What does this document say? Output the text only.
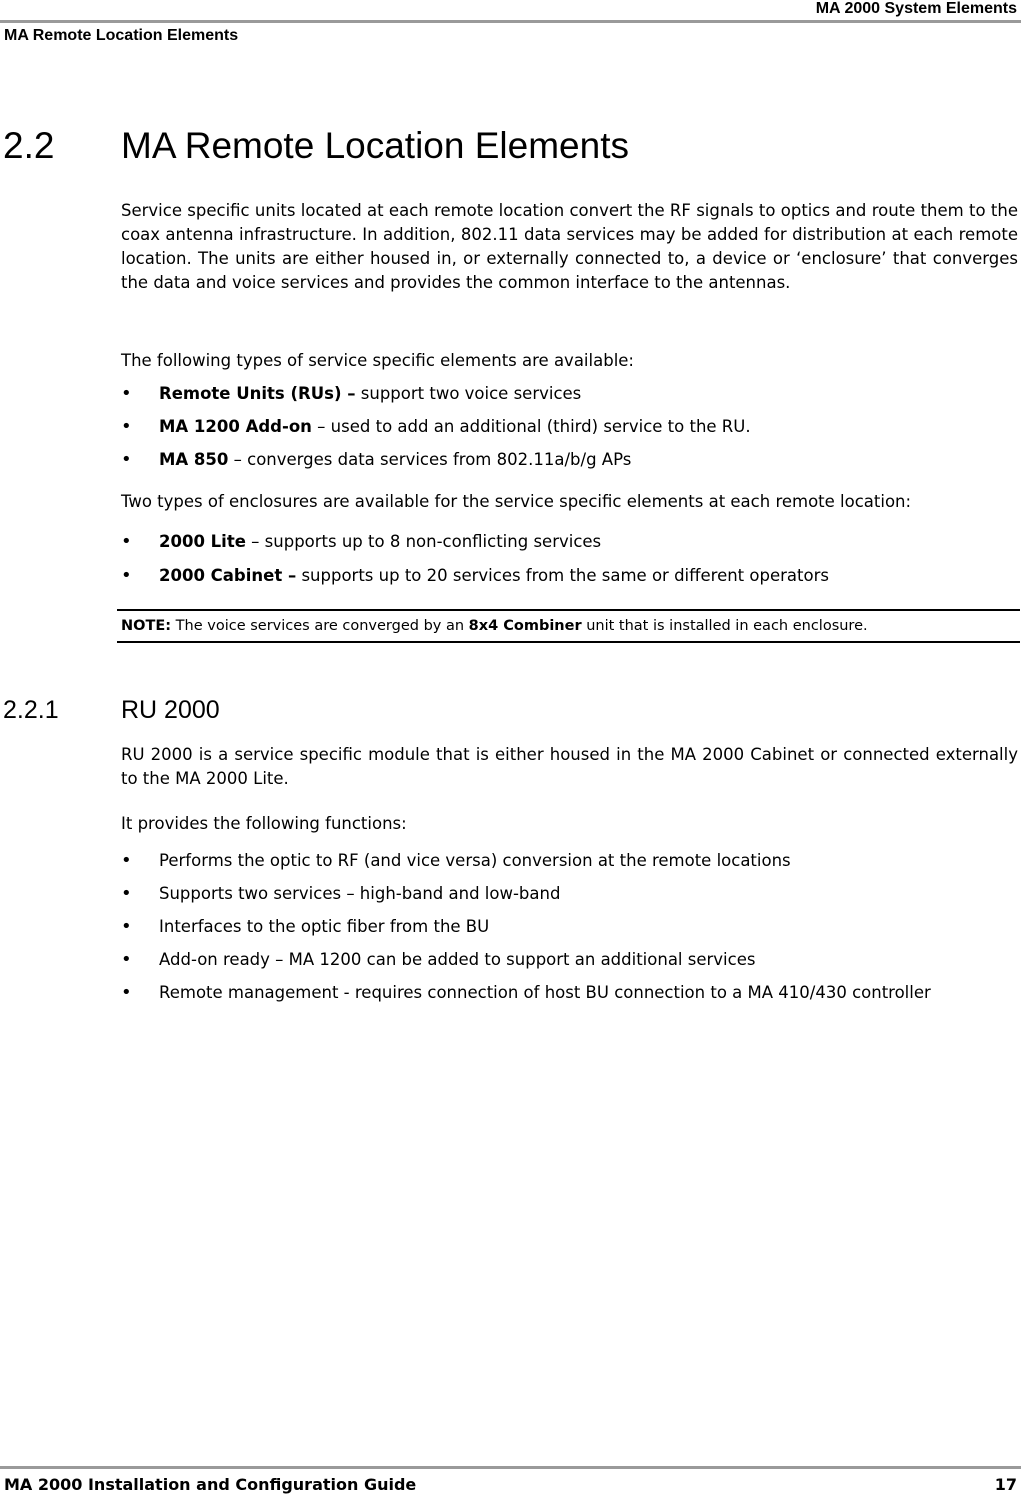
MA 2000 System Elements
MA Remote Location Elements
2.2 MA Remote Location Elements

Service specific units located at each remote location convert the RF signals to optics and route them to the coax antenna infrastructure. In addition, 802.11 data services may be added for distribution at each remote location. The units are either housed in, or externally connected to, a device or ‘enclosure’ that converges the data and voice services and provides the common interface to the antennas.

The following types of service specific elements are available:

• Remote Units (RUs) – support two voice services
• MA 1200 Add-on – used to add an additional (third) service to the RU.
• MA 850 – converges data services from 802.11a/b/g APs

Two types of enclosures are available for the service specific elements at each remote location:

• 2000 Lite – supports up to 8 non-conflicting services
• 2000 Cabinet – supports up to 20 services from the same or different operators
NOTE: The voice services are converged by an 8x4 Combiner unit that is installed in each enclosure.
2.2.1 RU 2000

RU 2000 is a service specific module that is either housed in the MA 2000 Cabinet or connected externally to the MA 2000 Lite.

It provides the following functions:

• Performs the optic to RF (and vice versa) conversion at the remote locations
• Supports two services – high-band and low-band
• Interfaces to the optic fiber from the BU
• Add-on ready – MA 1200 can be added to support an additional services
• Remote management - requires connection of host BU connection to a MA 410/430 controller
MA 2000 Installation and Configuration Guide	17
